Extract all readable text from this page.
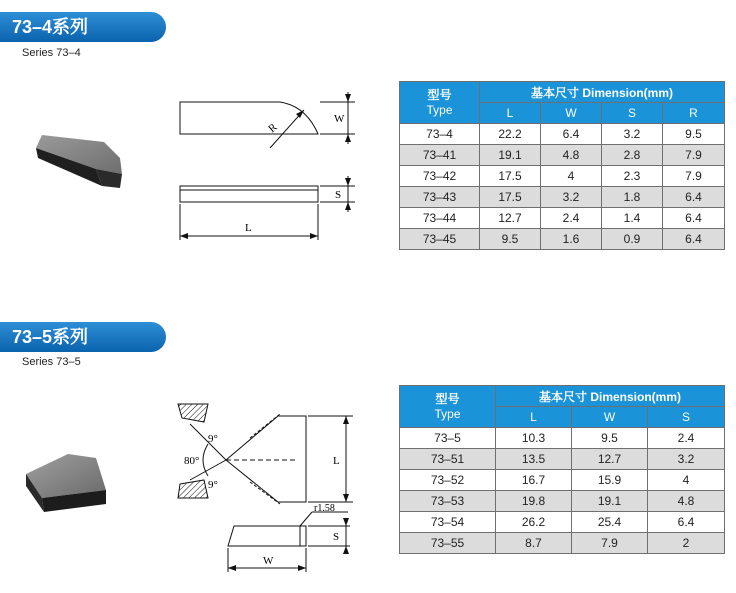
73–4系列
Series 73–4
R
W
S
L
型号
Type	基本尺寸 Dimension(mm)			
	L	W	S	R
73–4	22.2	6.4	3.2	9.5
73–41	19.1	4.8	2.8	7.9
73–42	17.5	4	2.3	7.9
73–43	17.5	3.2	1.8	6.4
73–44	12.7	2.4	1.4	6.4
73–45	9.5	1.6	0.9	6.4
73–5系列
Series 73–5
9°
80°
9°
L
r1.58
S
W
型号
Type	基本尺寸 Dimension(mm)		
	L	W	S
73–5	10.3	9.5	2.4
73–51	13.5	12.7	3.2
73–52	16.7	15.9	4
73–53	19.8	19.1	4.8
73–54	26.2	25.4	6.4
73–55	8.7	7.9	2
